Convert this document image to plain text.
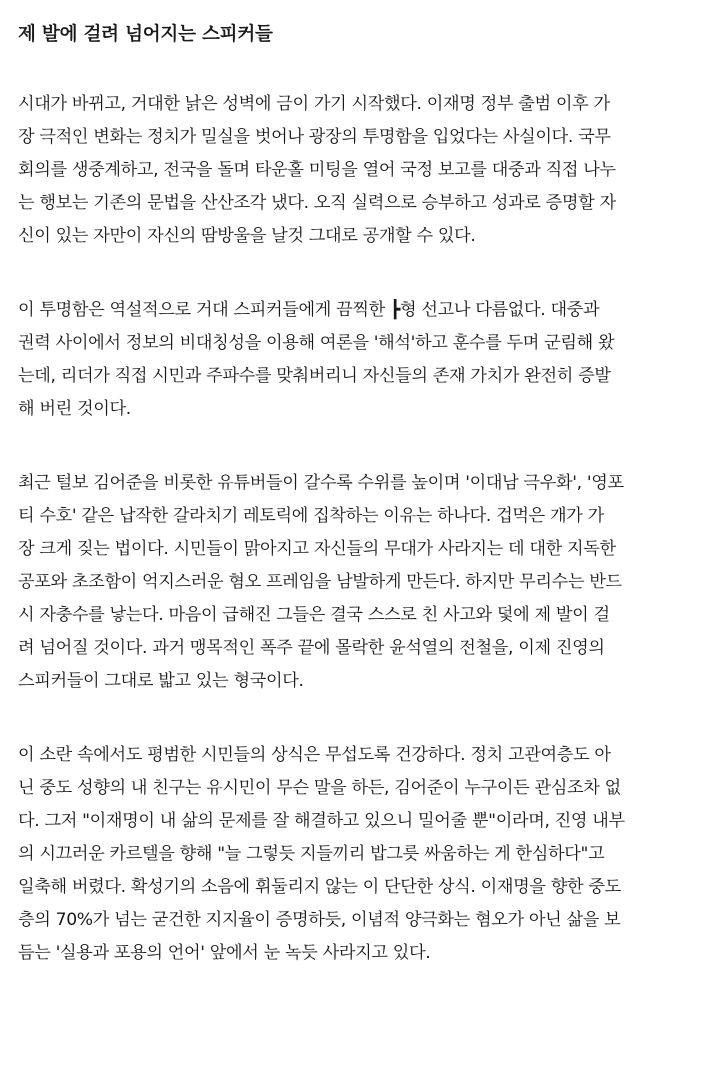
제 발에 걸려 넘어지는 스피커들
시대가 바뀌고, 거대한 낡은 성벽에 금이 가기 시작했다. 이재명 정부 출범 이후 가
장 극적인 변화는 정치가 밀실을 벗어나 광장의 투명함을 입었다는 사실이다. 국무
회의를 생중계하고, 전국을 돌며 타운홀 미팅을 열어 국정 보고를 대중과 직접 나누
는 행보는 기존의 문법을 산산조각 냈다. 오직 실력으로 승부하고 성과로 증명할 자
신이 있는 자만이 자신의 땀방울을 날것 그대로 공개할 수 있다.
이 투명함은 역설적으로 거대 스피커들에게 끔찍한 ┣형 선고나 다름없다. 대중과
권력 사이에서 정보의 비대칭성을 이용해 여론을 '해석'하고 훈수를 두며 군림해 왔
는데, 리더가 직접 시민과 주파수를 맞춰버리니 자신들의 존재 가치가 완전히 증발
해 버린 것이다.
최근 털보 김어준을 비롯한 유튜버들이 갈수록 수위를 높이며 '이대남 극우화', '영포
티 수호' 같은 납작한 갈라치기 레토릭에 집착하는 이유는 하나다. 겁먹은 개가 가
장 크게 짖는 법이다. 시민들이 맑아지고 자신들의 무대가 사라지는 데 대한 지독한
공포와 초조함이 억지스러운 혐오 프레임을 남발하게 만든다. 하지만 무리수는 반드
시 자충수를 낳는다. 마음이 급해진 그들은 결국 스스로 친 사고와 덫에 제 발이 걸
려 넘어질 것이다. 과거 맹목적인 폭주 끝에 몰락한 윤석열의 전철을, 이제 진영의
스피커들이 그대로 밟고 있는 형국이다.
이 소란 속에서도 평범한 시민들의 상식은 무섭도록 건강하다. 정치 고관여층도 아
닌 중도 성향의 내 친구는 유시민이 무슨 말을 하든, 김어준이 누구이든 관심조차 없
다. 그저 "이재명이 내 삶의 문제를 잘 해결하고 있으니 밀어줄 뿐"이라며, 진영 내부
의 시끄러운 카르텔을 향해 "늘 그렇듯 지들끼리 밥그릇 싸움하는 게 한심하다"고
일축해 버렸다. 확성기의 소음에 휘둘리지 않는 이 단단한 상식. 이재명을 향한 중도
층의 70%가 넘는 굳건한 지지율이 증명하듯, 이념적 양극화는 혐오가 아닌 삶을 보
듬는 '실용과 포용의 언어' 앞에서 눈 녹듯 사라지고 있다.
